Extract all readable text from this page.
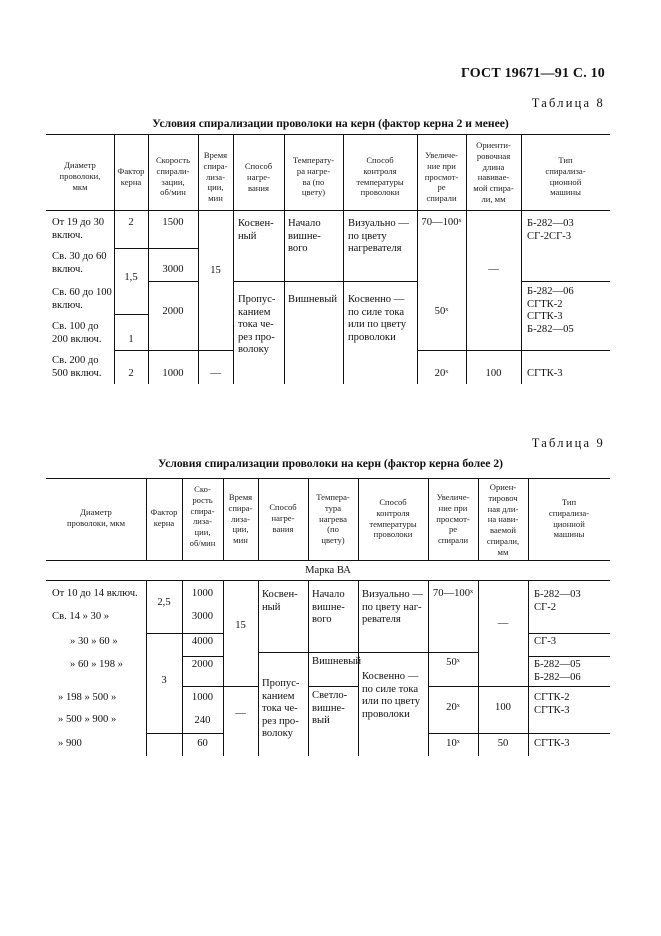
ГОСТ 19671—91 С. 10
Таблица 8
Условия спирализации проволоки на керн (фактор керна 2 и менее)
Диаметр
проволоки,
мкм
Фактор
керна
Скорость
спирали-
зации,
об/мин
Время
спира-
лиза-
ции,
мин
Способ
нагре-
вания
Температу-
ра нагре-
ва (по
цвету)
Способ
контроля
температуры
проволоки
Увеличе-
ние при
просмот-
ре
спирали
Ориенти-
ровочная
длина
навивае-
мой спира-
ли, мм
Тип
спирализа-
ционной
машины
От 19 до 30 включ.
Св. 30 до 60 включ.
Св. 60 до 100 включ.
Св. 100 до 200 включ.
Св. 200 до 500 включ.
2
1,5
1
2
1500
3000
2000
1000
15
—
Косвен-
ный
Пропус-
канием
тока че-
рез про-
волоку
Начало
вишне-
вого
Вишневый
Визуально —
по цвету
нагревателя
Косвенно —
по силе тока
или по цвету
проволоки
70—100ˣ
50ˣ
20ˣ
—
100
Б-282—03
СГ-2СГ-3
Б-282—06
СГТК-2
СГТК-3
Б-282—05
СГТК-3
Таблица 9
Условия спирализации проволоки на керн (фактор керна более 2)
Диаметр
проволоки, мкм
Фактор
керна
Ско-
рость
спира-
лиза-
ции,
об/мин
Время
спира-
лиза-
ции,
мин
Способ
нагре-
вания
Темпера-
тура
нагрева
(по
цвету)
Способ
контроля
температуры
проволоки
Увеличе-
ние при
просмот-
ре
спирали
Ориен-
тировоч
ная дли-
на нави-
ваемой
спирали,
мм
Тип
спирализа-
ционной
машины
Марка ВА
От 10 до 14 включ.
Св. 14 » 30 »
» 30 » 60 »
» 60 » 198 »
» 198 » 500 »
» 500 » 900 »
» 900
2,5
3
1000
3000
4000
2000
1000
240
60
15
—
Косвен-
ный
Пропус-
канием
тока че-
рез про-
волоку
Начало
вишне-
вого
Вишневый
Светло-
вишне-
вый
Визуально —
по цвету наг-
ревателя
Косвенно —
по силе тока
или по цвету
проволоки
70—100ˣ
50ˣ
20ˣ
10ˣ
—
100
50
Б-282—03
СГ-2
СГ-3
Б-282—05
Б-282—06
СГТК-2
СГТК-3
СГТК-3
